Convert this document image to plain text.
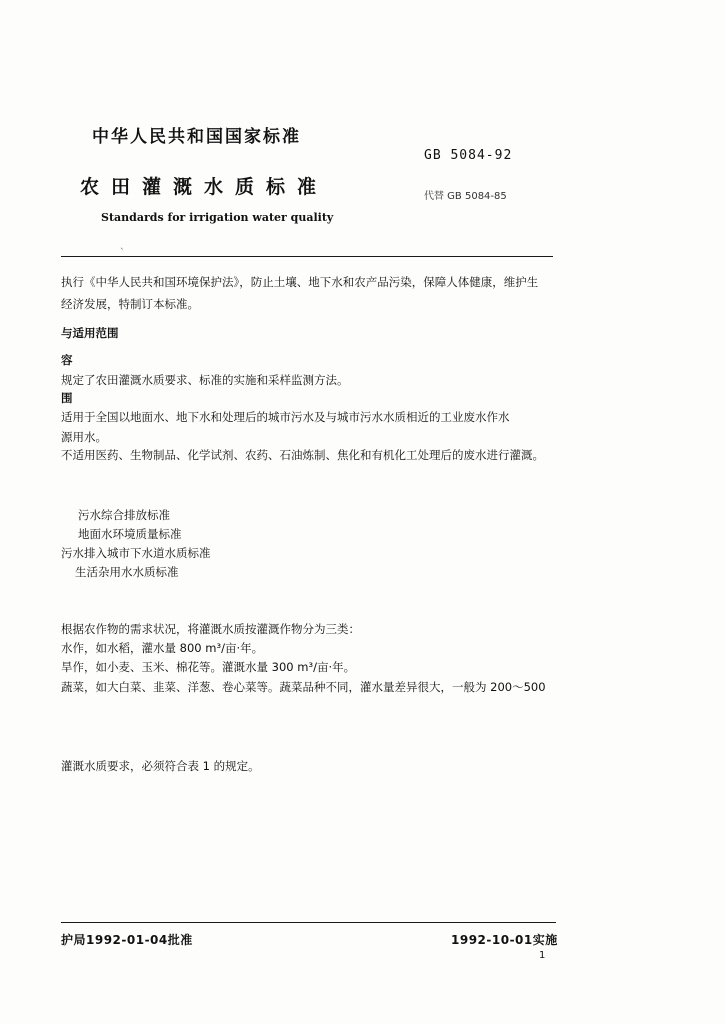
中华人民共和国国家标准
GB 5084-92
农田灌溉水质标准	代替 GB 5084-85
Standards for irrigation water quality
ˋ
执行《中华人民共和国环境保护法》，防止土壤、地下水和农产品污染，保障人体健康，维护生
经济发展，特制订本标准。
与适用范围
容
规定了农田灌溉水质要求、标准的实施和采样监测方法。
围
适用于全国以地面水、地下水和处理后的城市污水及与城市污水水质相近的工业废水作水
源用水。
不适用医药、生物制品、化学试剂、农药、石油炼制、焦化和有机化工处理后的废水进行灌溉。
污水综合排放标准
地面水环境质量标准
污水排入城市下水道水质标准
生活杂用水水质标准
根据农作物的需求状况，将灌溉水质按灌溉作物分为三类：
水作，如水稻，灌水量 800 m³/亩·年。
旱作，如小麦、玉米、棉花等。灌溉水量 300 m³/亩·年。
蔬菜，如大白菜、韭菜、洋葱、卷心菜等。蔬菜品种不同，灌水量差异很大，一般为 200～500
灌溉水质要求，必须符合表 1 的规定。
护局1992-01-04批准	1992-10-01实施
1
